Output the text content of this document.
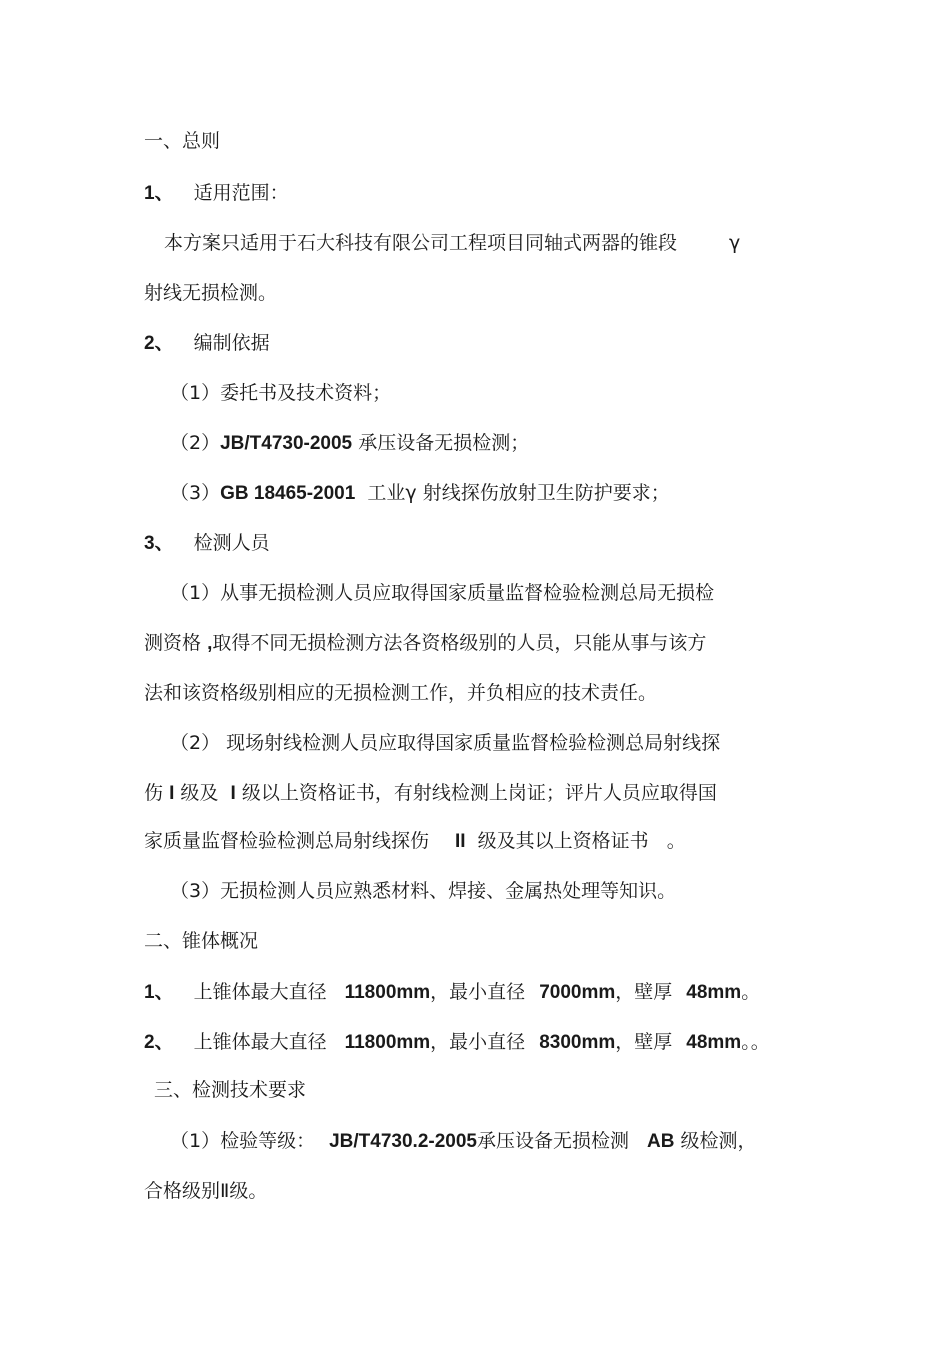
一、总则
1、 适用范围：
本方案只适用于石大科技有限公司工程项目同轴式两器的锥段	γ
射线无损检测。
2、 编制依据
（1）委托书及技术资料；
（2）JB/T4730-2005 承压设备无损检测；
（3）GB 18465-2001 工业γ 射线探伤放射卫生防护要求；
3、 检测人员
（1）从事无损检测人员应取得国家质量监督检验检测总局无损检
测资格 ,取得不同无损检测方法各资格级别的人员，只能从事与该方
法和该资格级别相应的无损检测工作，并负相应的技术责任。
（2） 现场射线检测人员应取得国家质量监督检验检测总局射线探
伤 I 级及 I 级以上资格证书，有射线检测上岗证；评片人员应取得国
家质量监督检验检测总局射线探伤 II 级及其以上资格证书 。
（3）无损检测人员应熟悉材料、焊接、金属热处理等知识。
二、锥体概况
1、 上锥体最大直径 11800mm，最小直径 7000mm，壁厚 48mm。
2、 上锥体最大直径 11800mm，最小直径 8300mm，壁厚 48mm。。
三、检测技术要求
（1）检验等级： JB/T4730.2-2005承压设备无损检测 AB 级检测，
合格级别Ⅱ级。
